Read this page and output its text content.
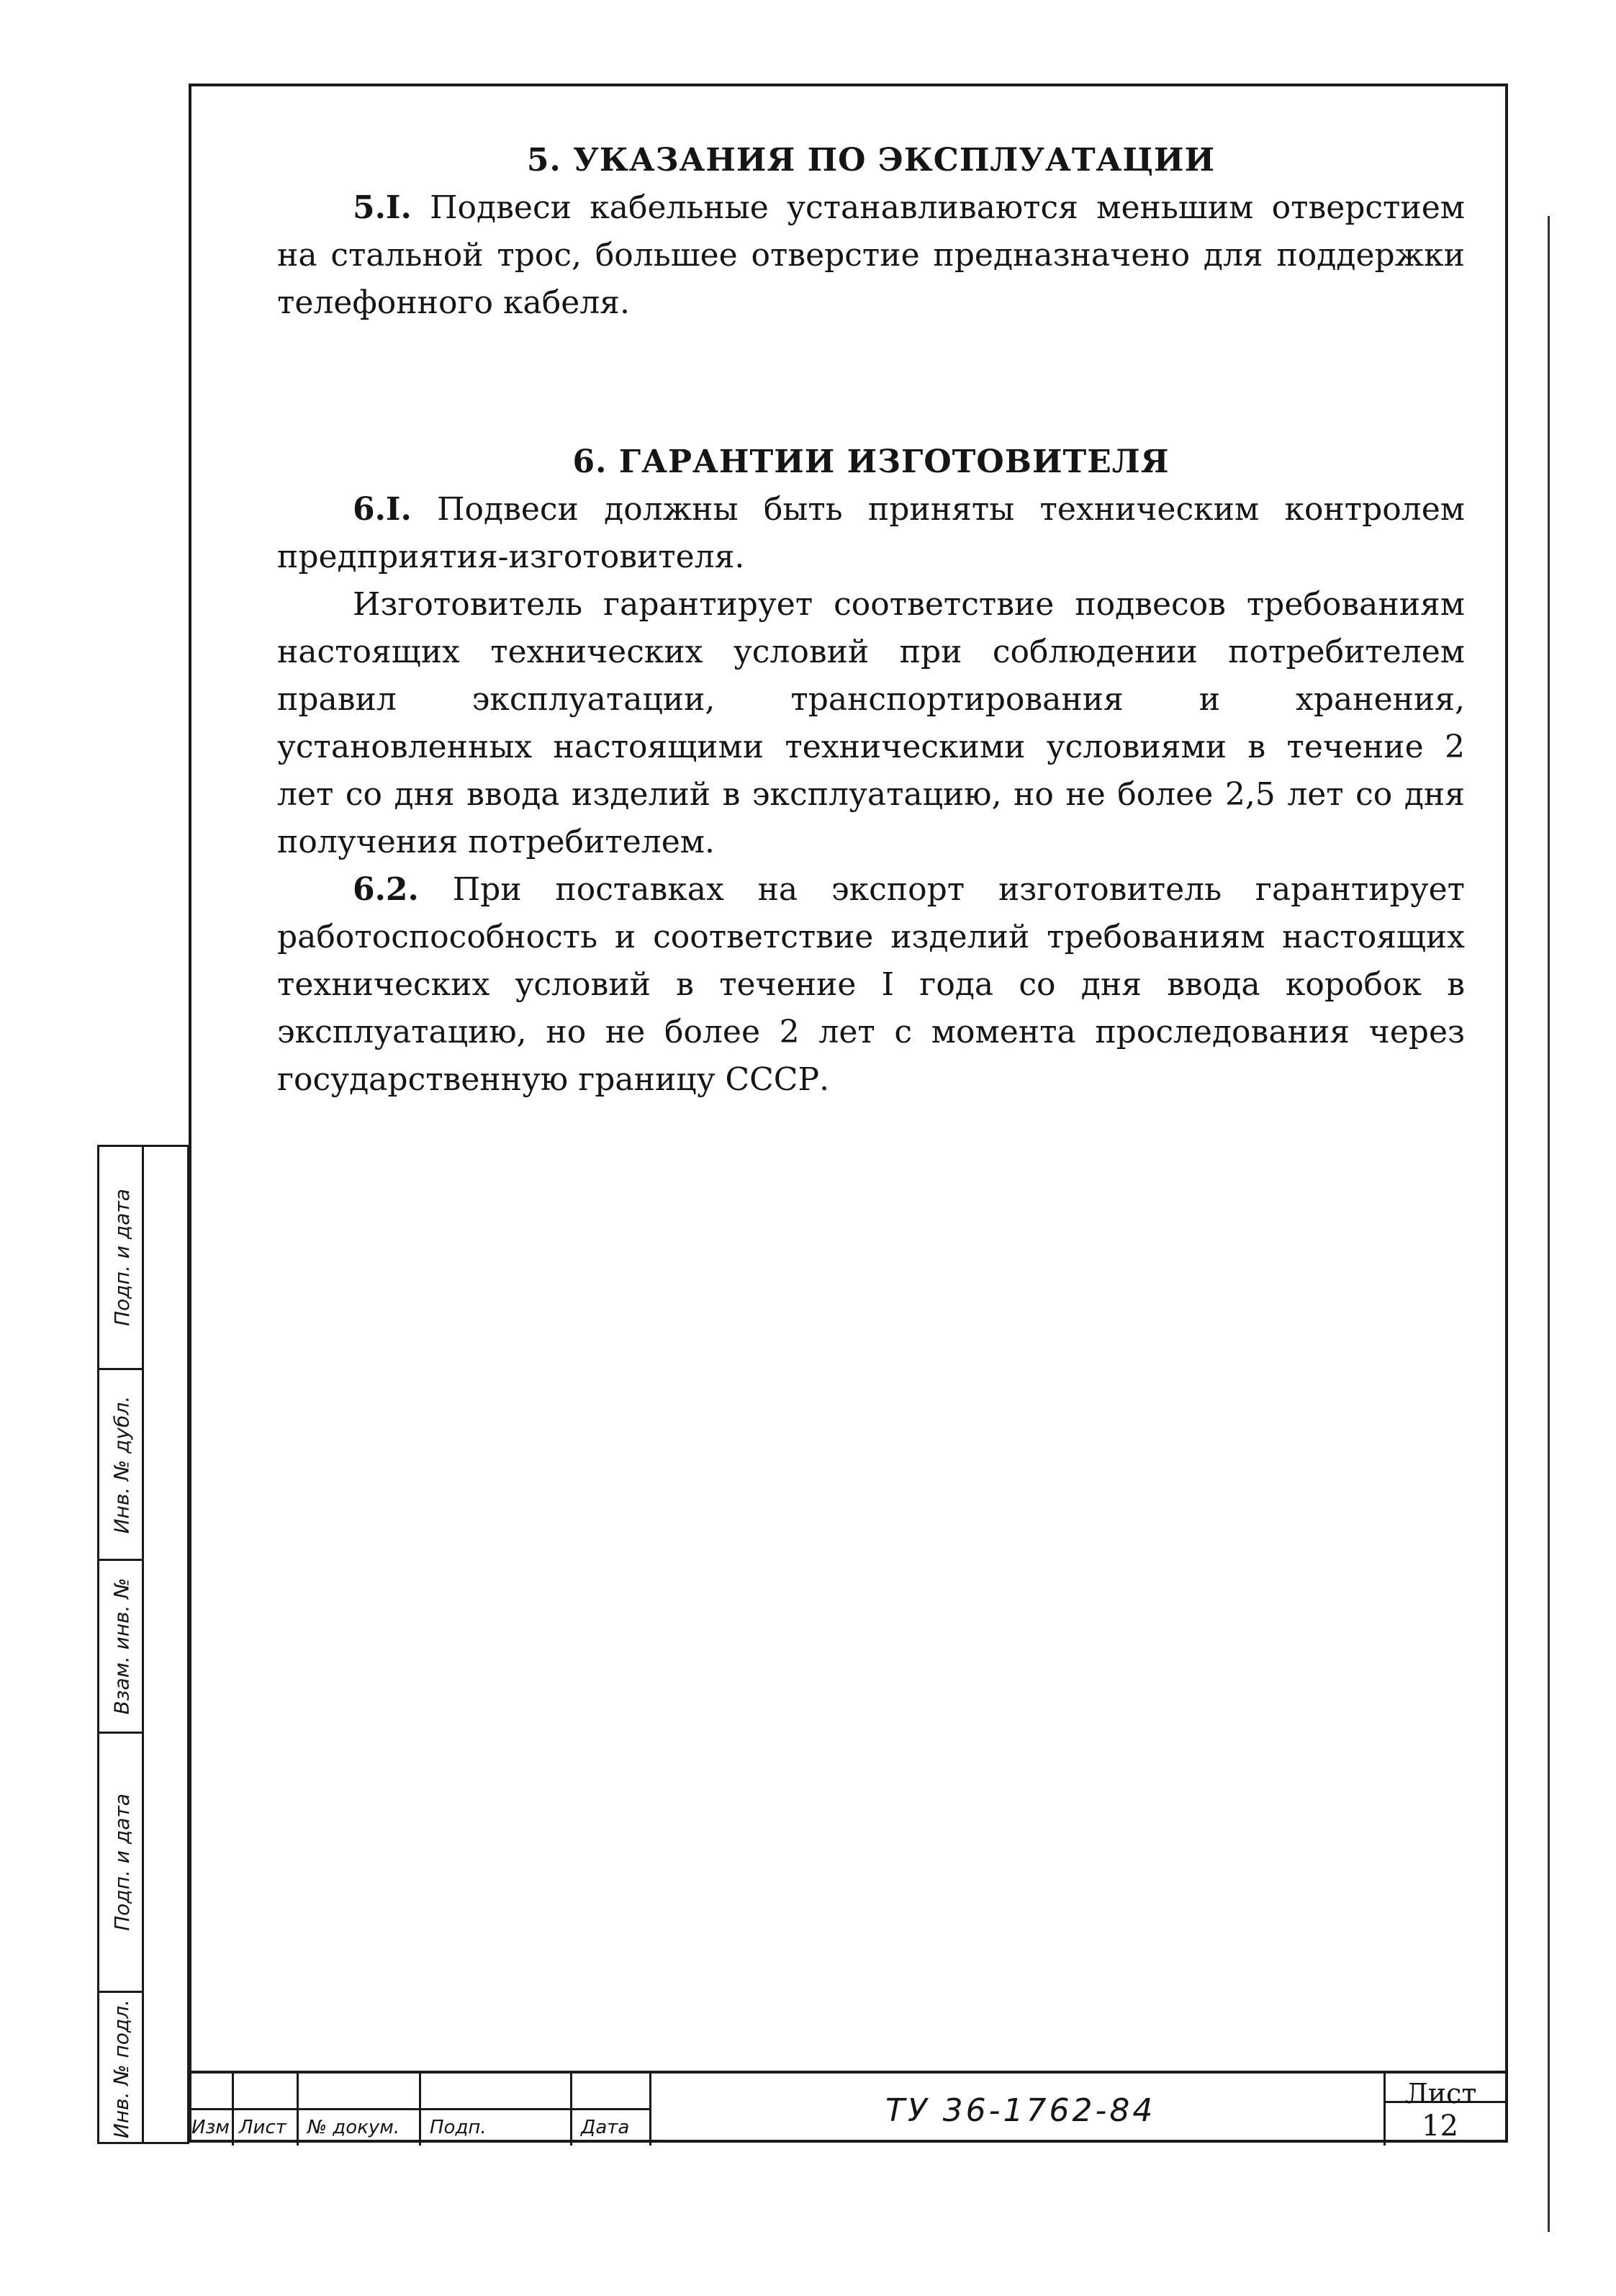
5. УКАЗАНИЯ ПО ЭКСПЛУАТАЦИИ

5.I. Подвеси кабельные устанавливаются меньшим отверстием на стальной трос, большее отверстие предназначено для поддержки телефонного кабеля.

6. ГАРАНТИИ ИЗГОТОВИТЕЛЯ

6.I. Подвеси должны быть приняты техническим контролем предприятия-изготовителя.

Изготовитель гарантирует соответствие подвесов требованиям настоящих технических условий при соблюдении потребителем правил эксплуатации, транспортирования и хранения, установленных настоящими техническими условиями в течение 2 лет со дня ввода изделий в эксплуатацию, но не более 2,5 лет со дня получения потребителем.

6.2. При поставках на экспорт изготовитель гарантирует работоспособность и соответствие изделий требованиям настоящих технических условий в течение I года со дня ввода коробок в эксплуатацию, но не более 2 лет с момента прослeдования через государственную границу СССР.

Подп. и дата
Инв. № дубл.
Взам. инв. №
Подп. и дата
Инв. № подл.	Изм Лист № докум. Подп.	Дата	ТУ 36-1762-84	Лист
12
